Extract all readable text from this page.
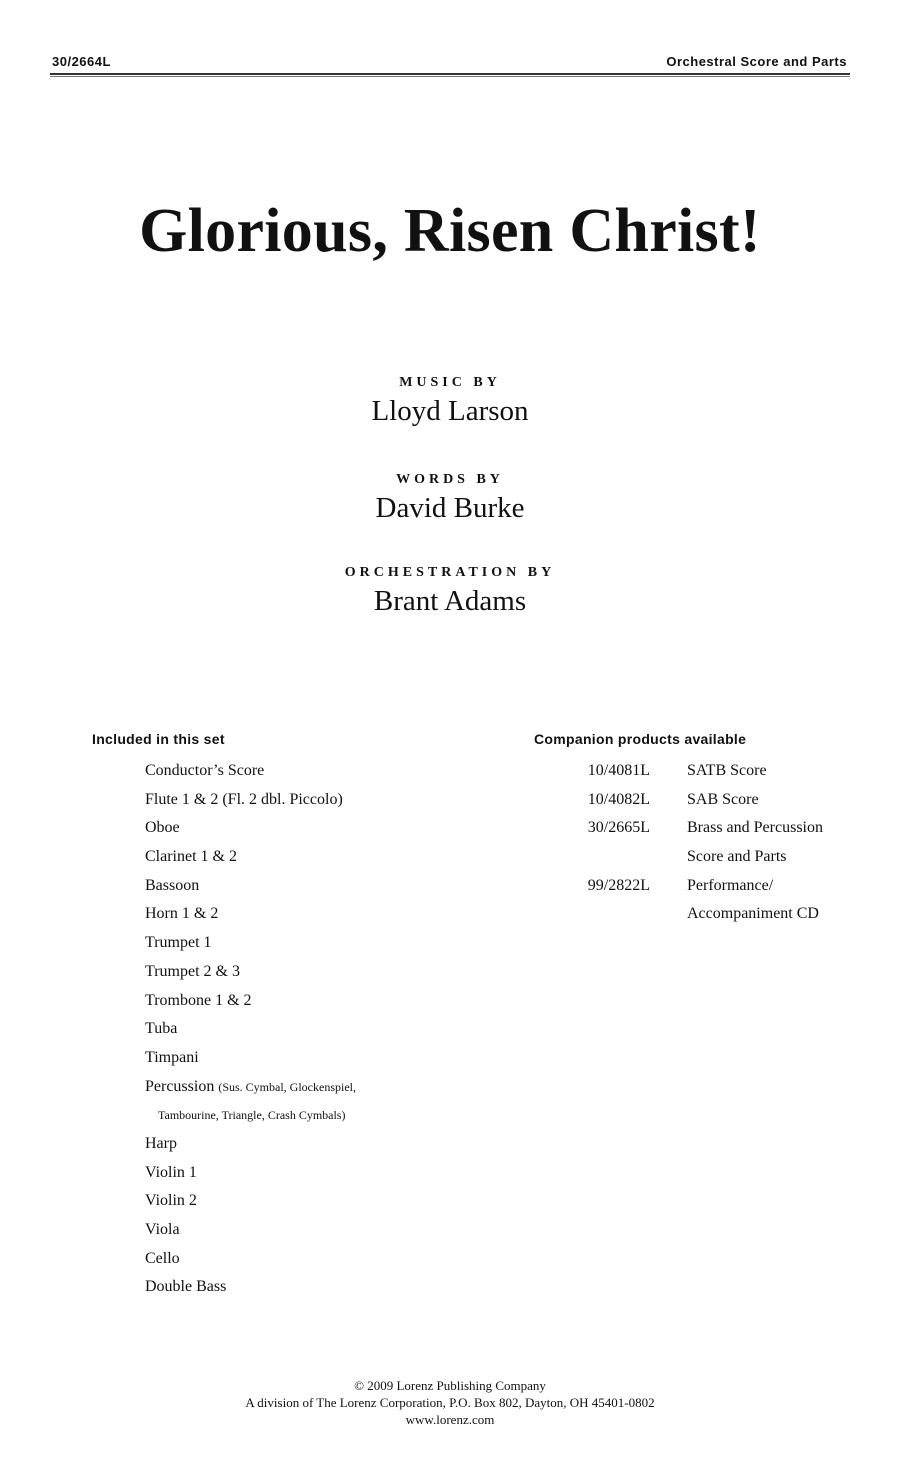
30/2664L	Orchestral Score and Parts
Glorious, Risen Christ!
MUSIC BY
Lloyd Larson
WORDS BY
David Burke
ORCHESTRATION BY
Brant Adams
Included in this set
Conductor’s Score
Flute 1 & 2 (Fl. 2 dbl. Piccolo)
Oboe
Clarinet 1 & 2
Bassoon
Horn 1 & 2
Trumpet 1
Trumpet 2 & 3
Trombone 1 & 2
Tuba
Timpani
Percussion (Sus. Cymbal, Glockenspiel,
Tambourine, Triangle, Crash Cymbals)
Harp
Violin 1
Violin 2
Viola
Cello
Double Bass
Companion products available
10/4081L SATB Score
10/4082L SAB Score
30/2665L Brass and Percussion
Score and Parts
99/2822L Performance/
Accompaniment CD
© 2009 Lorenz Publishing Company
A division of The Lorenz Corporation, P.O. Box 802, Dayton, OH 45401-0802
www.lorenz.com
